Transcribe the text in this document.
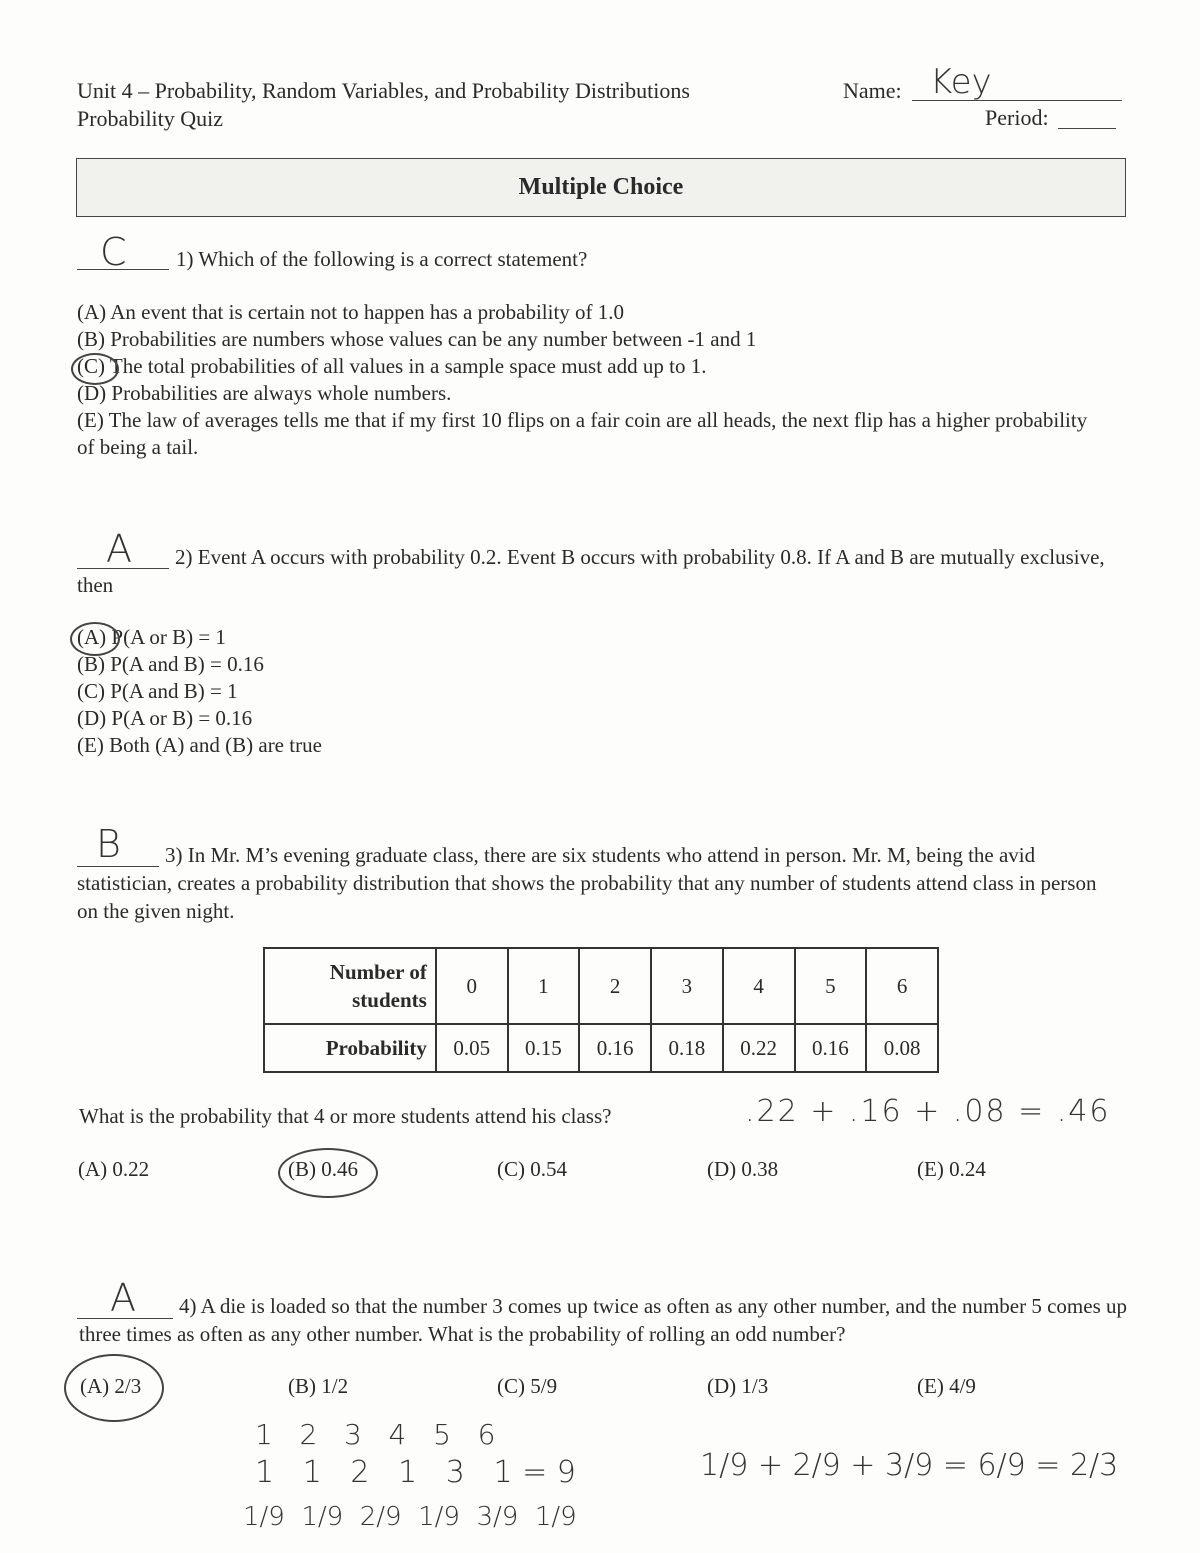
Unit 4 – Probability, Random Variables, and Probability Distributions
Probability Quiz
Name: Key
Period:
Multiple Choice
C 1) Which of the following is a correct statement?
(A) An event that is certain not to happen has a probability of 1.0
(B) Probabilities are numbers whose values can be any number between -1 and 1
(C) The total probabilities of all values in a sample space must add up to 1.
(D) Probabilities are always whole numbers.
(E) The law of averages tells me that if my first 10 flips on a fair coin are all heads, the next flip has a higher probability of being a tail.
A	2) Event A occurs with probability 0.2. Event B occurs with probability 0.8. If A and B are mutually exclusive, then
(A) P(A or B) = 1
(B) P(A and B) = 0.16
(C) P(A and B) = 1
(D) P(A or B) = 0.16
(E) Both (A) and (B) are true
B	3) In Mr. M’s evening graduate class, there are six students who attend in person. Mr. M, being the avid statistician, creates a probability distribution that shows the probability that any number of students attend class in person on the given night.
Number of students	0	1	2	3	4	5	6
Probability	0.05	0.15	0.16	0.18	0.22	0.16	0.08
What is the probability that 4 or more students attend his class?	.22 + .16 + .08 = .46
(A) 0.22	(B) 0.46	(C) 0.54	(D) 0.38	(E) 0.24
A	4) A die is loaded so that the number 3 comes up twice as often as any other number, and the number 5 comes up three times as often as any other number. What is the probability of rolling an odd number?
(A) 2/3	(B) 1/2	(C) 5/9	(D) 1/3	(E) 4/9
1   2   3   4   5   6
1   1   2   1   3   1 = 9
1/9  1/9  2/9  1/9  3/9  1/9
1/9 + 2/9 + 3/9 = 6/9 = 2/3
